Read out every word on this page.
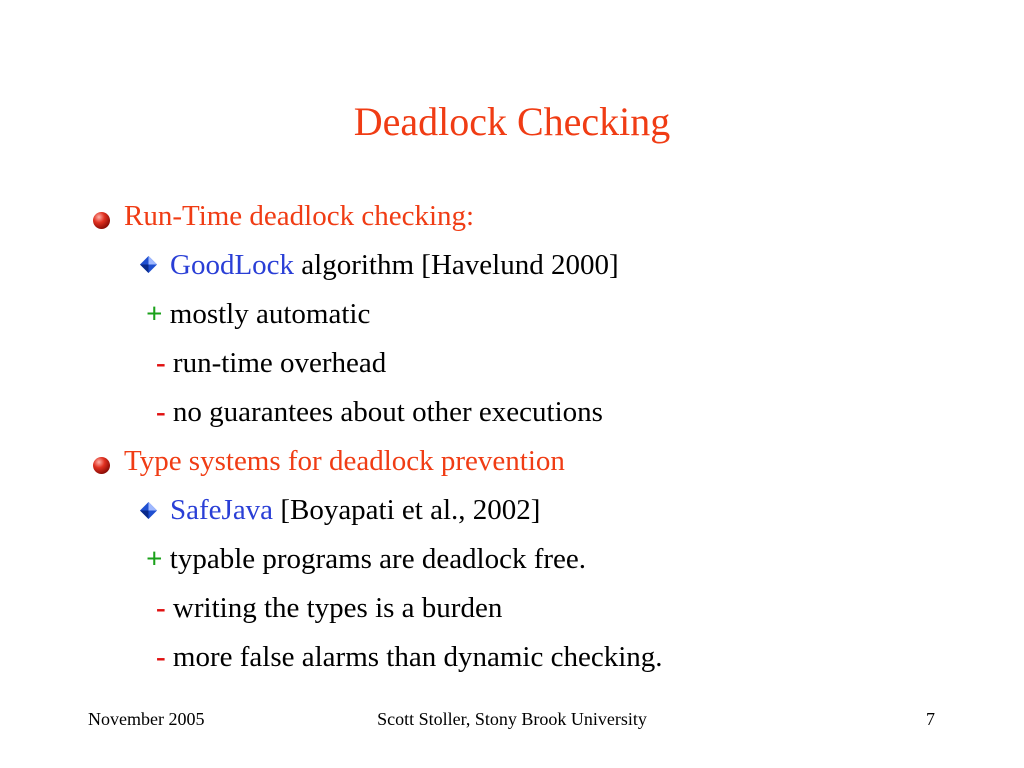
Deadlock Checking
Run-Time deadlock checking:
GoodLock algorithm [Havelund 2000]
+ mostly automatic
- run-time overhead
- no guarantees about other executions
Type systems for deadlock prevention
SafeJava [Boyapati et al., 2002]
+ typable programs are deadlock free.
- writing the types is a burden
- more false alarms than dynamic checking.
November 2005	Scott Stoller, Stony Brook University	7
